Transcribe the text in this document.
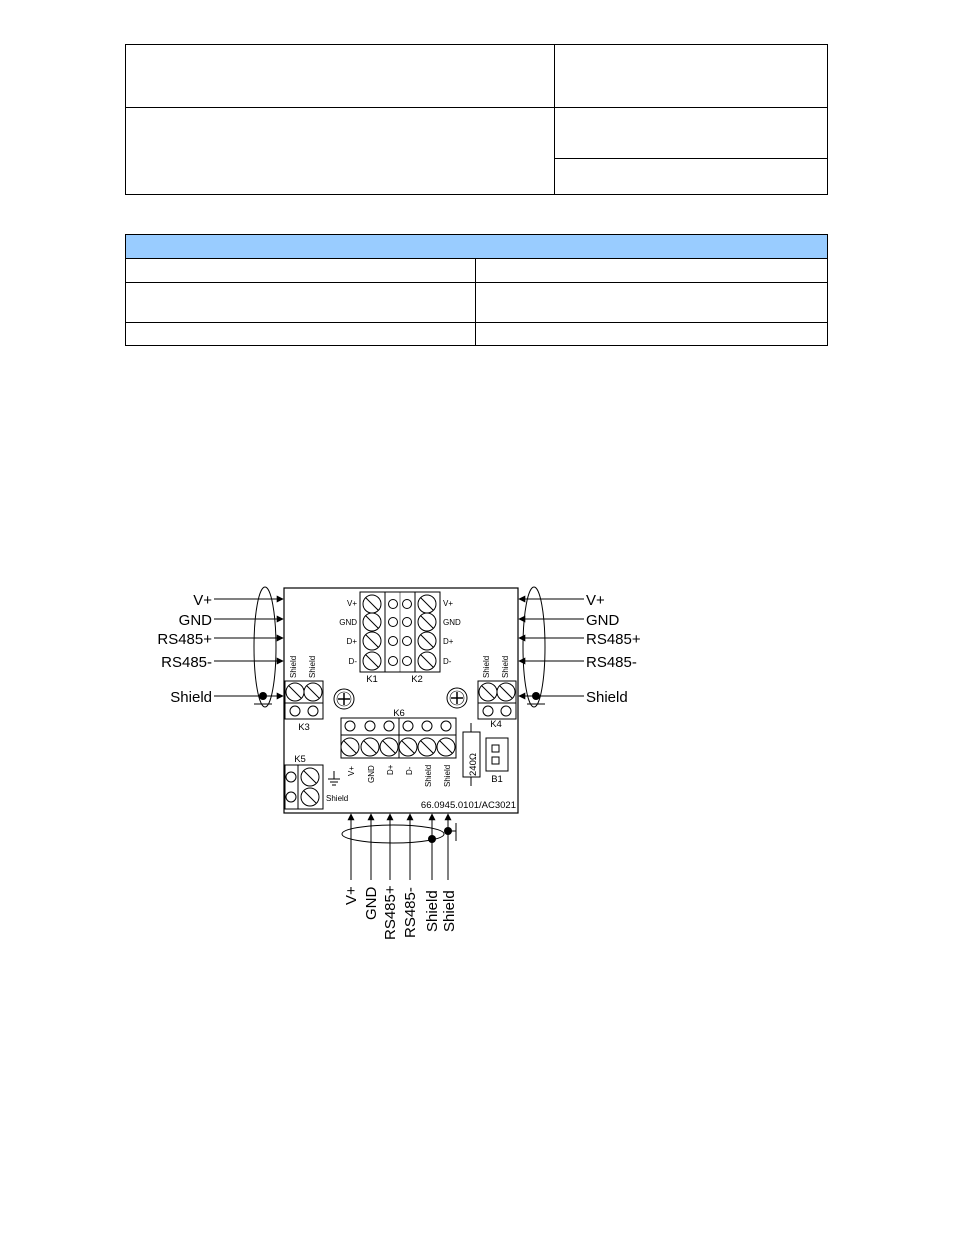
V+
GND
D+
D-
V+
GND
D+
D-
K1	K2
Shield Shield
K3
Shield Shield
K4
K6
V+ GND D+ D- Shield Shield 240Ω
B1
K5
Shield
66.0945.0101/AC3021
V+
GND
RS485+
RS485-
Shield
V+
GND
RS485+
RS485-
Shield
V+ GND RS485+ RS485- Shield Shield
